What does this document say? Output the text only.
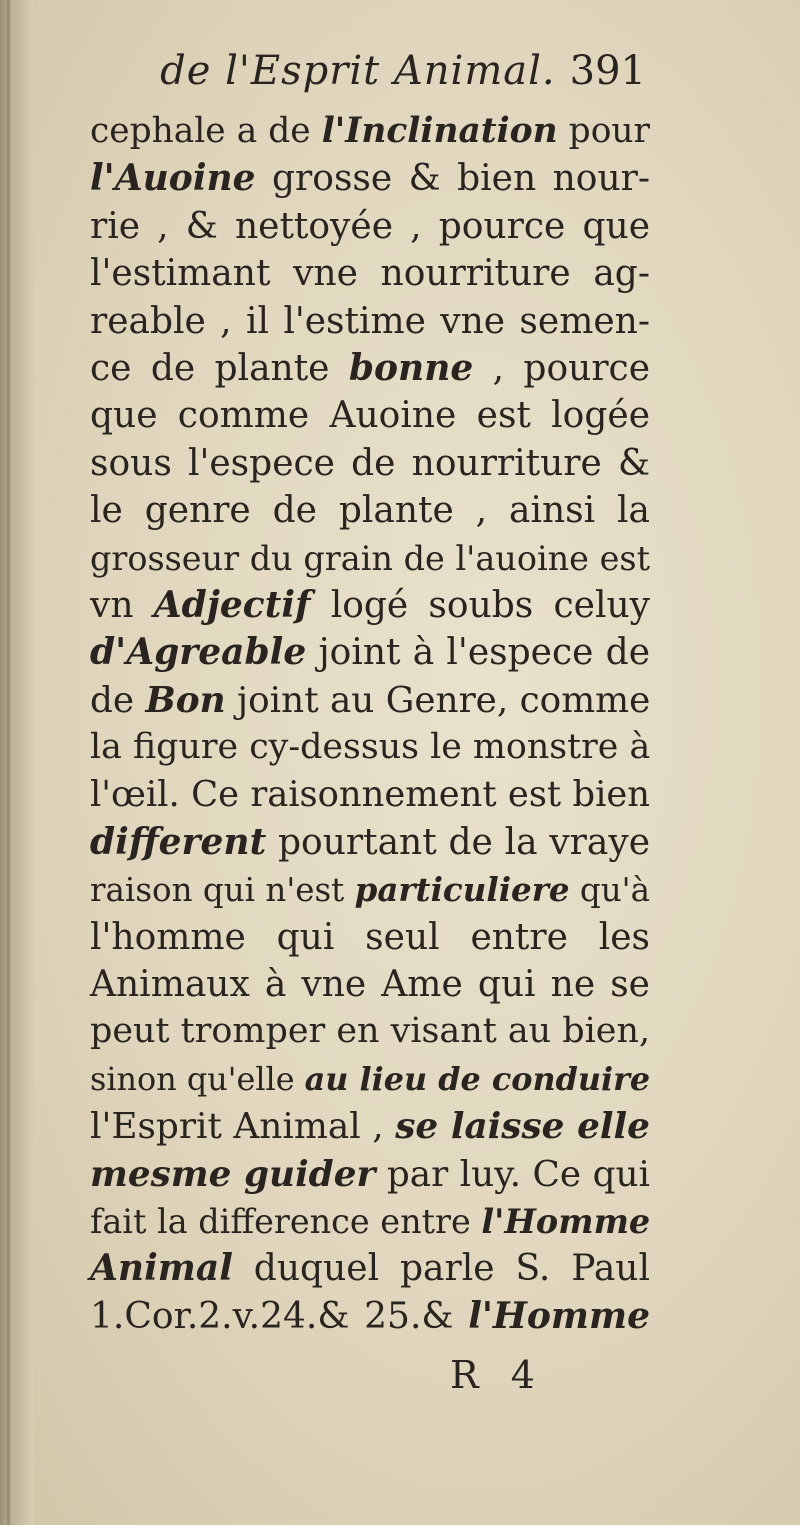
de l'Esprit Animal. 391
cephale a de l'Inclination pour
l'Auoine grosse & bien nour-
rie , & nettoyée , pource que
l'estimant vne nourriture ag-
reable , il l'estime vne semen-
ce de plante bonne , pource
que comme Auoine est logée
sous l'espece de nourriture &
le genre de plante , ainsi la
grosseur du grain de l'auoine est
vn Adjectif logé soubs celuy
d'Agreable joint à l'espece de
de Bon joint au Genre, comme
la figure cy-dessus le monstre à
l'œil. Ce raisonnement est bien
different pourtant de la vraye
raison qui n'est particuliere qu'à
l'homme qui seul entre les
Animaux à vne Ame qui ne se
peut tromper en visant au bien,
sinon qu'elle au lieu de conduire
l'Esprit Animal , se laisse elle
mesme guider par luy. Ce qui
fait la difference entre l'Homme
Animal duquel parle S. Paul
1.Cor.2.v.24.& 25.& l'Homme
R 4
